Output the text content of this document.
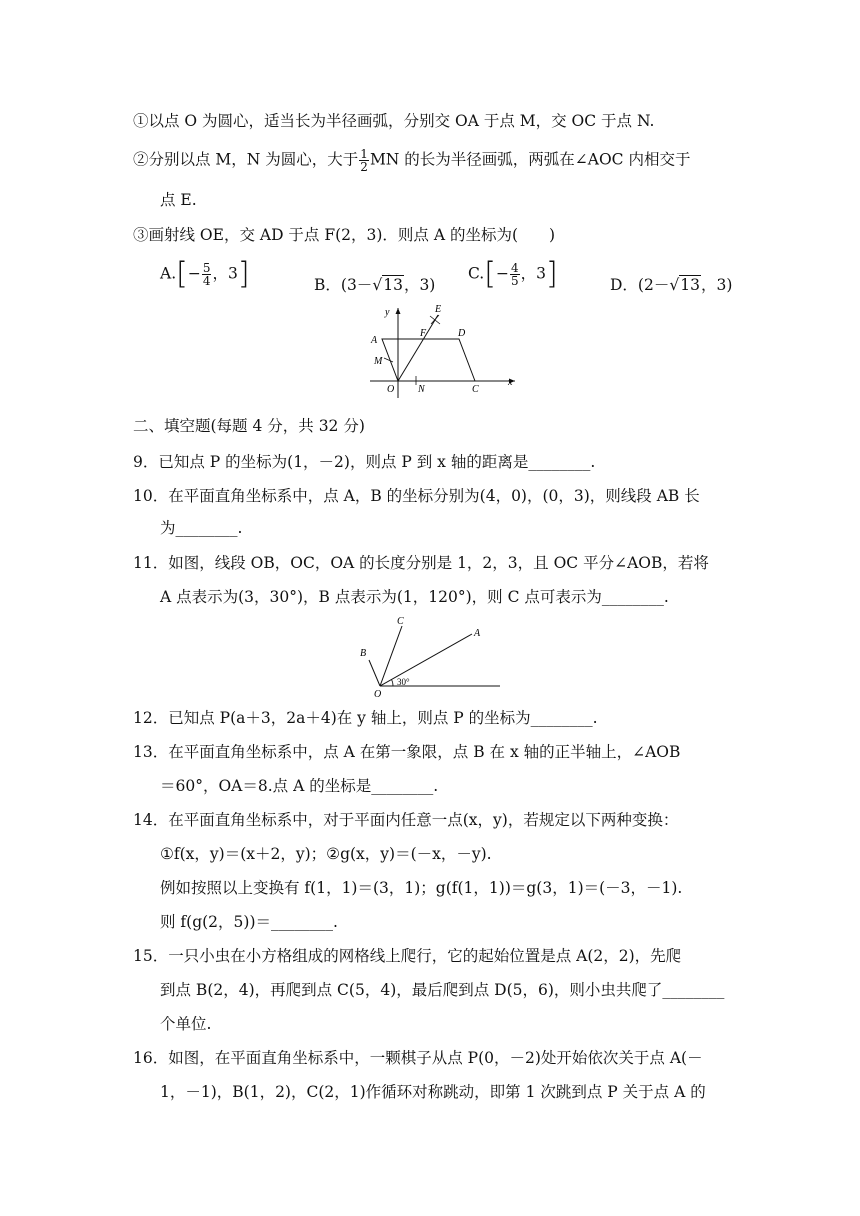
①以点 O 为圆心，适当长为半径画弧，分别交 OA 于点 M，交 OC 于点 N.
②分别以点 M，N 为圆心，大于 $\frac{1}{2}$ MN 的长为半径画弧，两弧在∠AOC 内相交于
点 E.
③画射线 OE，交 AD 于点 F(2，3)．则点 A 的坐标为(　　)
$A.[- \frac{5}{4}$ ，3]	B．(3－√13，3)
$C.[- \frac{4}{5}$ ，3]	D．(2－√13，3)
y
x
A
M
O N
F
E
D
C
二、填空题(每题 4 分，共 32 分)
9．已知点 P 的坐标为(1，－2)，则点 P 到 x 轴的距离是________.
10．在平面直角坐标系中，点 A，B 的坐标分别为(4，0)，(0，3)，则线段 AB 长
为________.
11．如图，线段 OB，OC，OA 的长度分别是 1，2，3，且 OC 平分∠AOB，若将
A 点表示为(3，30°)，B 点表示为(1，120°)，则 C 点可表示为________.
C
A
B
O
30°
12．已知点 P(a＋3，2a＋4)在 y 轴上，则点 P 的坐标为________.
13．在平面直角坐标系中，点 A 在第一象限，点 B 在 x 轴的正半轴上，∠AOB
＝60°，OA＝8.点 A 的坐标是________.
14．在平面直角坐标系中，对于平面内任意一点(x，y)，若规定以下两种变换：
①f(x，y)＝(x＋2，y)；②g(x，y)＝(－x，－y).
例如按照以上变换有 f(1，1)＝(3，1)；g(f(1，1))＝g(3，1)＝(－3，－1).
则 f(g(2，5))＝________.
15．一只小虫在小方格组成的网格线上爬行，它的起始位置是点 A(2，2)，先爬
到点 B(2，4)，再爬到点 C(5，4)，最后爬到点 D(5，6)，则小虫共爬了________
个单位.
16．如图，在平面直角坐标系中，一颗棋子从点 P(0，－2)处开始依次关于点 A(－
1，－1)，B(1，2)，C(2，1)作循环对称跳动，即第 1 次跳到点 P 关于点 A 的
